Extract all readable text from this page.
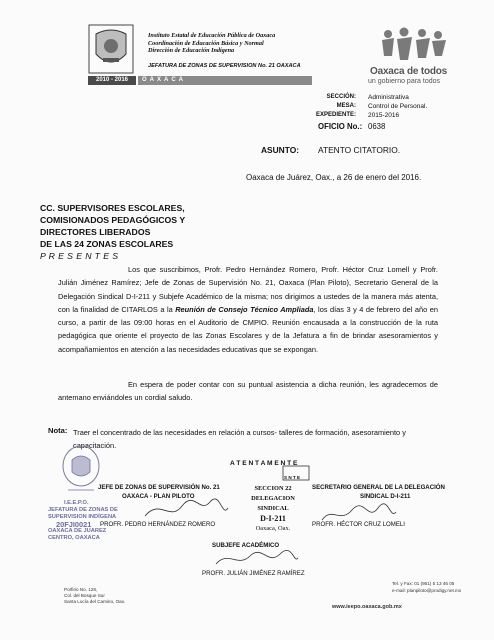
2010 - 2016	OAXACA
Instituto Estatal de Educación Pública de Oaxaca
Coordinación de Educación Básica y Normal
Dirección de Educación Indígena
JEFATURA DE ZONAS DE SUPERVISION No. 21 OAXACA	Oaxaca de todos
un gobierno para todos
SECCIÓN: Administrativa
MESA: Control de Personal.
EXPEDIENTE: 2015-2016
OFICIO No.: 0638
ASUNTO: ATENTO CITATORIO.
Oaxaca de Juárez, Oax., a 26 de enero del 2016.
CC. SUPERVISORES ESCOLARES,
COMISIONADOS PEDAGÓGICOS Y
DIRECTORES LIBERADOS
DE LAS 24 ZONAS ESCOLARES
P R E S E N T E S
Los que suscribimos, Profr. Pedro Hernández Romero, Profr. Héctor Cruz Lomell y Profr. Julián Jiménez Ramírez; Jefe de Zonas de Supervisión No. 21, Oaxaca (Plan Piloto), Secretario General de la Delegación Sindical D-I-211 y Subjefe Académico de la misma; nos dirigimos a ustedes de la manera más atenta, con la finalidad de CITARLOS a la Reunión de Consejo Técnico Ampliada, los días 3 y 4 de febrero del año en curso, a partir de las 09:00 horas en el Auditorio de CMPIO. Reunión encausada a la construcción de la ruta pedagógica que oriente el proyecto de las Zonas Escolares y de la Jefatura a fin de brindar asesoramientos y acompañamientos en atención a las necesidades educativas que se expongan.
En espera de poder contar con su puntual asistencia a dicha reunión, les agradecemos de antemano enviándoles un cordial saludo.
Nota: Traer el concentrado de las necesidades en relación a cursos- talleres de formación, asesoramiento y capacitación.
A T E N T A M E N T E
I.E.E.P.O.
JEFATURA DE ZONAS DE
SUPERVISION INDÍGENA
20FJI0021
OAXACA DE JUAREZ
CENTRO, OAXACA
JEFE DE ZONAS DE SUPERVISIÓN No. 21
OAXACA - PLAN PILOTO
PROFR. PEDRO HERNÁNDEZ ROMERO
S N T E
SECCION 22
DELEGACION SINDICAL
D-I-211
Oaxaca, Oax.
SECRETARIO GENERAL DE LA DELEGACIÓN
SINDICAL D-I-211
PROFR. HÉCTOR CRUZ LOMELI
SUBJEFE ACADÉMICO
PROFR. JULIÁN JIMÉNEZ RAMÍREZ
Porfirio No. 128,
Col. del Bosque Sur
Santa Lucía del Camino, Oax.
Tel. y Fax: 01 (951) 5 13 46 05
e-mail: planpiloto@prodigy.net.mx
www.ieepo.oaxaca.gob.mx
